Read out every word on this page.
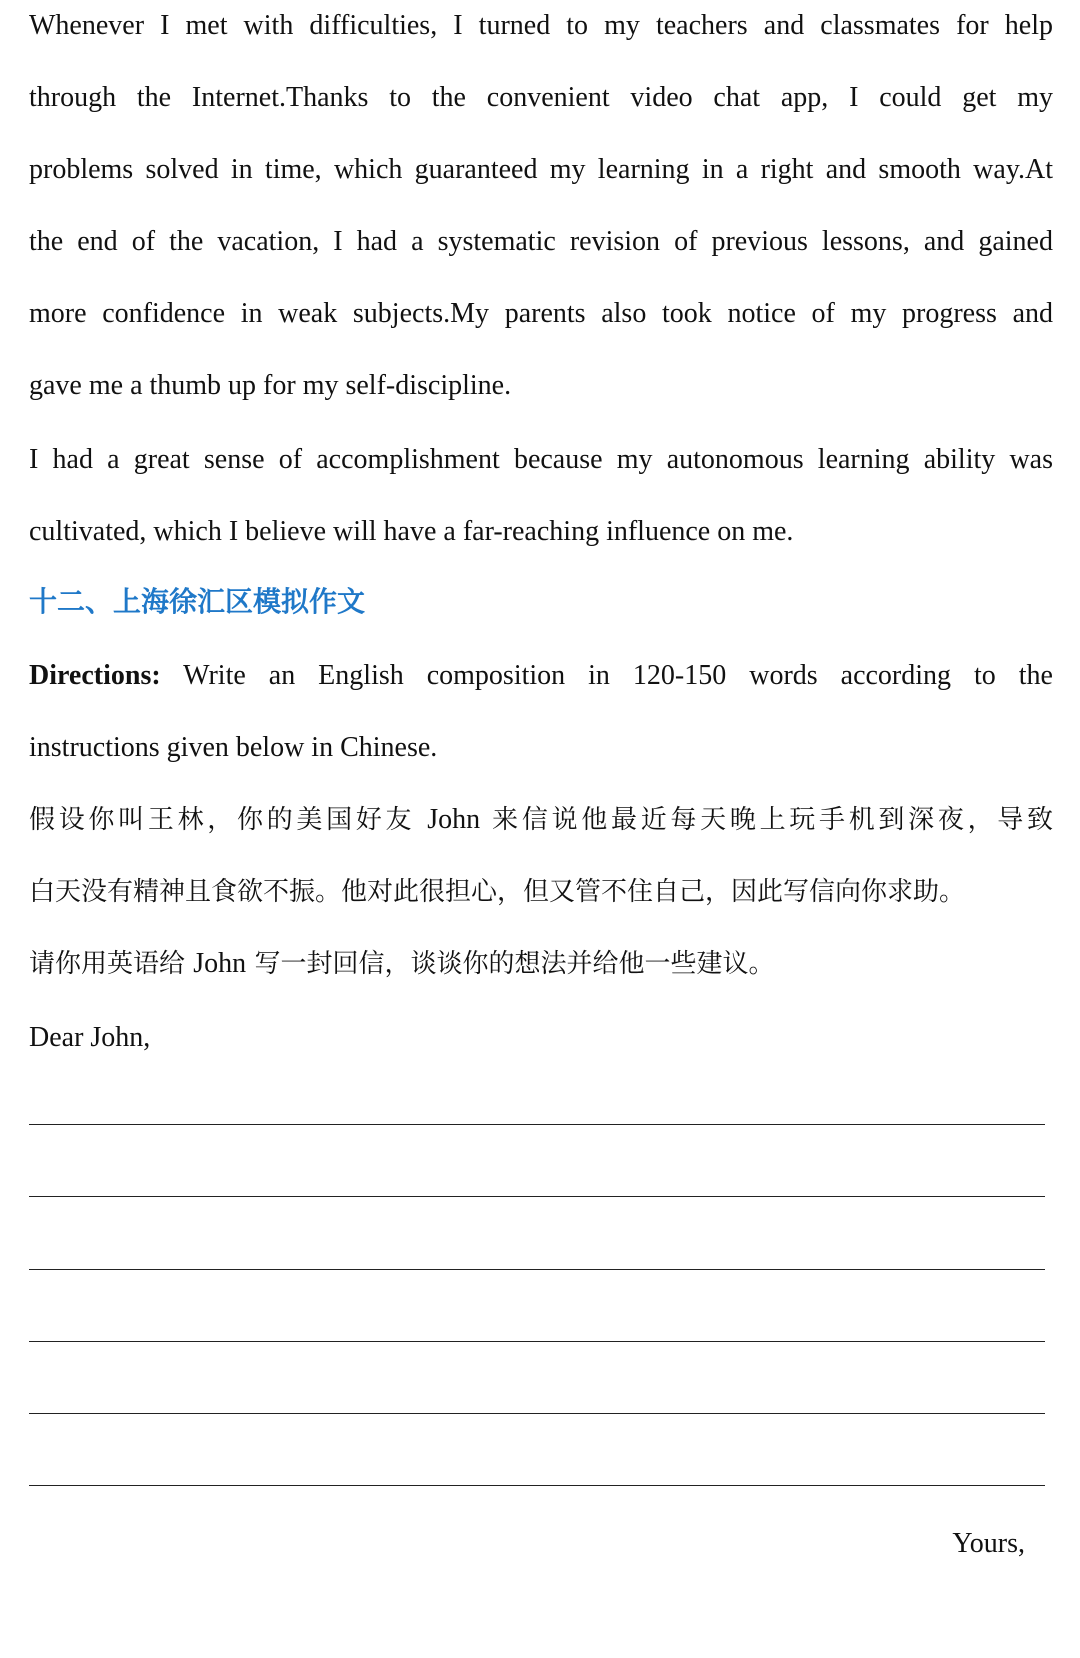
Whenever I met with difficulties, I turned to my teachers and classmates for help
through the Internet.Thanks to the convenient video chat app, I could get my
problems solved in time, which guaranteed my learning in a right and smooth way.At
the end of the vacation, I had a systematic revision of previous lessons, and gained
more confidence in weak subjects.My parents also took notice of my progress and
gave me a thumb up for my self-discipline.
I had a great sense of accomplishment because my autonomous learning ability was
cultivated, which I believe will have a far-reaching influence on me.
十二、上海徐汇区模拟作文
Directions: Write an English composition in 120-150 words according to the
instructions given below in Chinese.
假设你叫王林，你的美国好友 John 来信说他最近每天晚上玩手机到深夜，导致
白天没有精神且食欲不振。他对此很担心，但又管不住自己，因此写信向你求助。
请你用英语给 John 写一封回信，谈谈你的想法并给他一些建议。
Dear John,
Yours,
